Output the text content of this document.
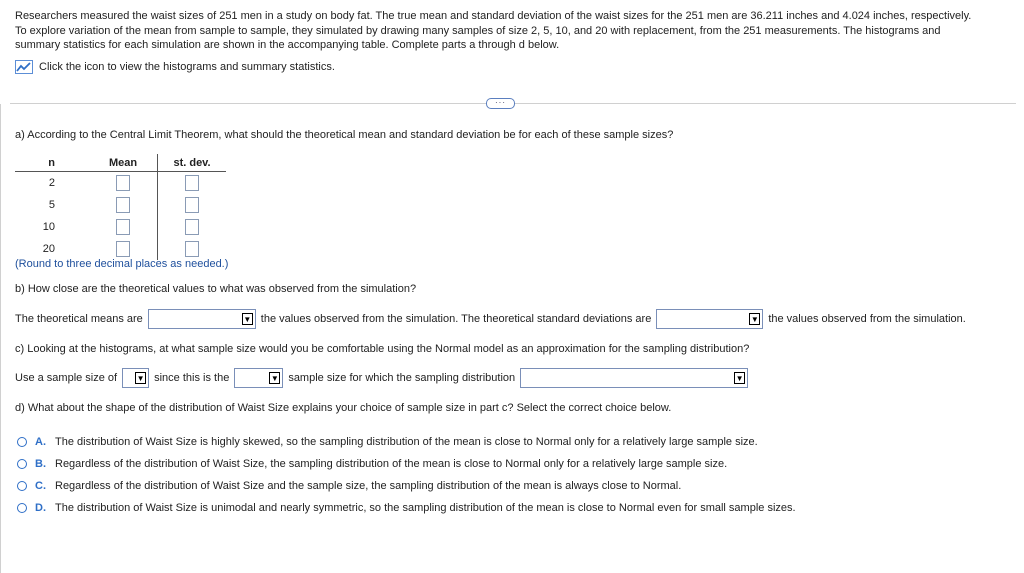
Researchers measured the waist sizes of 251 men in a study on body fat. The true mean and standard deviation of the waist sizes for the 251 men are 36.211 inches and 4.024 inches, respectively.

To explore variation of the mean from sample to sample, they simulated by drawing many samples of size 2, 5, 10, and 20 with replacement, from the 251 measurements. The histograms and

summary statistics for each simulation are shown in the accompanying table. Complete parts a through d below.

Click the icon to view the histograms and summary statistics.
···
a) According to the Central Limit Theorem, what should the theoretical mean and standard deviation be for each of these sample sizes?
n	Mean	st. dev.
2		
5		
10		
20		
(Round to three decimal places as needed.)
b) How close are the theoretical values to what was observed from the simulation?
The theoretical means are	▼ the values observed from the simulation. The theoretical standard deviations are	▼ the values observed from the simulation.
c) Looking at the histograms, at what sample size would you be comfortable using the Normal model as an approximation for the sampling distribution?
Use a sample size of ▼ since this is the	▼ sample size for which the sampling distribution	▼
d) What about the shape of the distribution of Waist Size explains your choice of sample size in part c? Select the correct choice below.
A. The distribution of Waist Size is highly skewed, so the sampling distribution of the mean is close to Normal only for a relatively large sample size.
B. Regardless of the distribution of Waist Size, the sampling distribution of the mean is close to Normal only for a relatively large sample size.
C. Regardless of the distribution of Waist Size and the sample size, the sampling distribution of the mean is always close to Normal.
D. The distribution of Waist Size is unimodal and nearly symmetric, so the sampling distribution of the mean is close to Normal even for small sample sizes.
